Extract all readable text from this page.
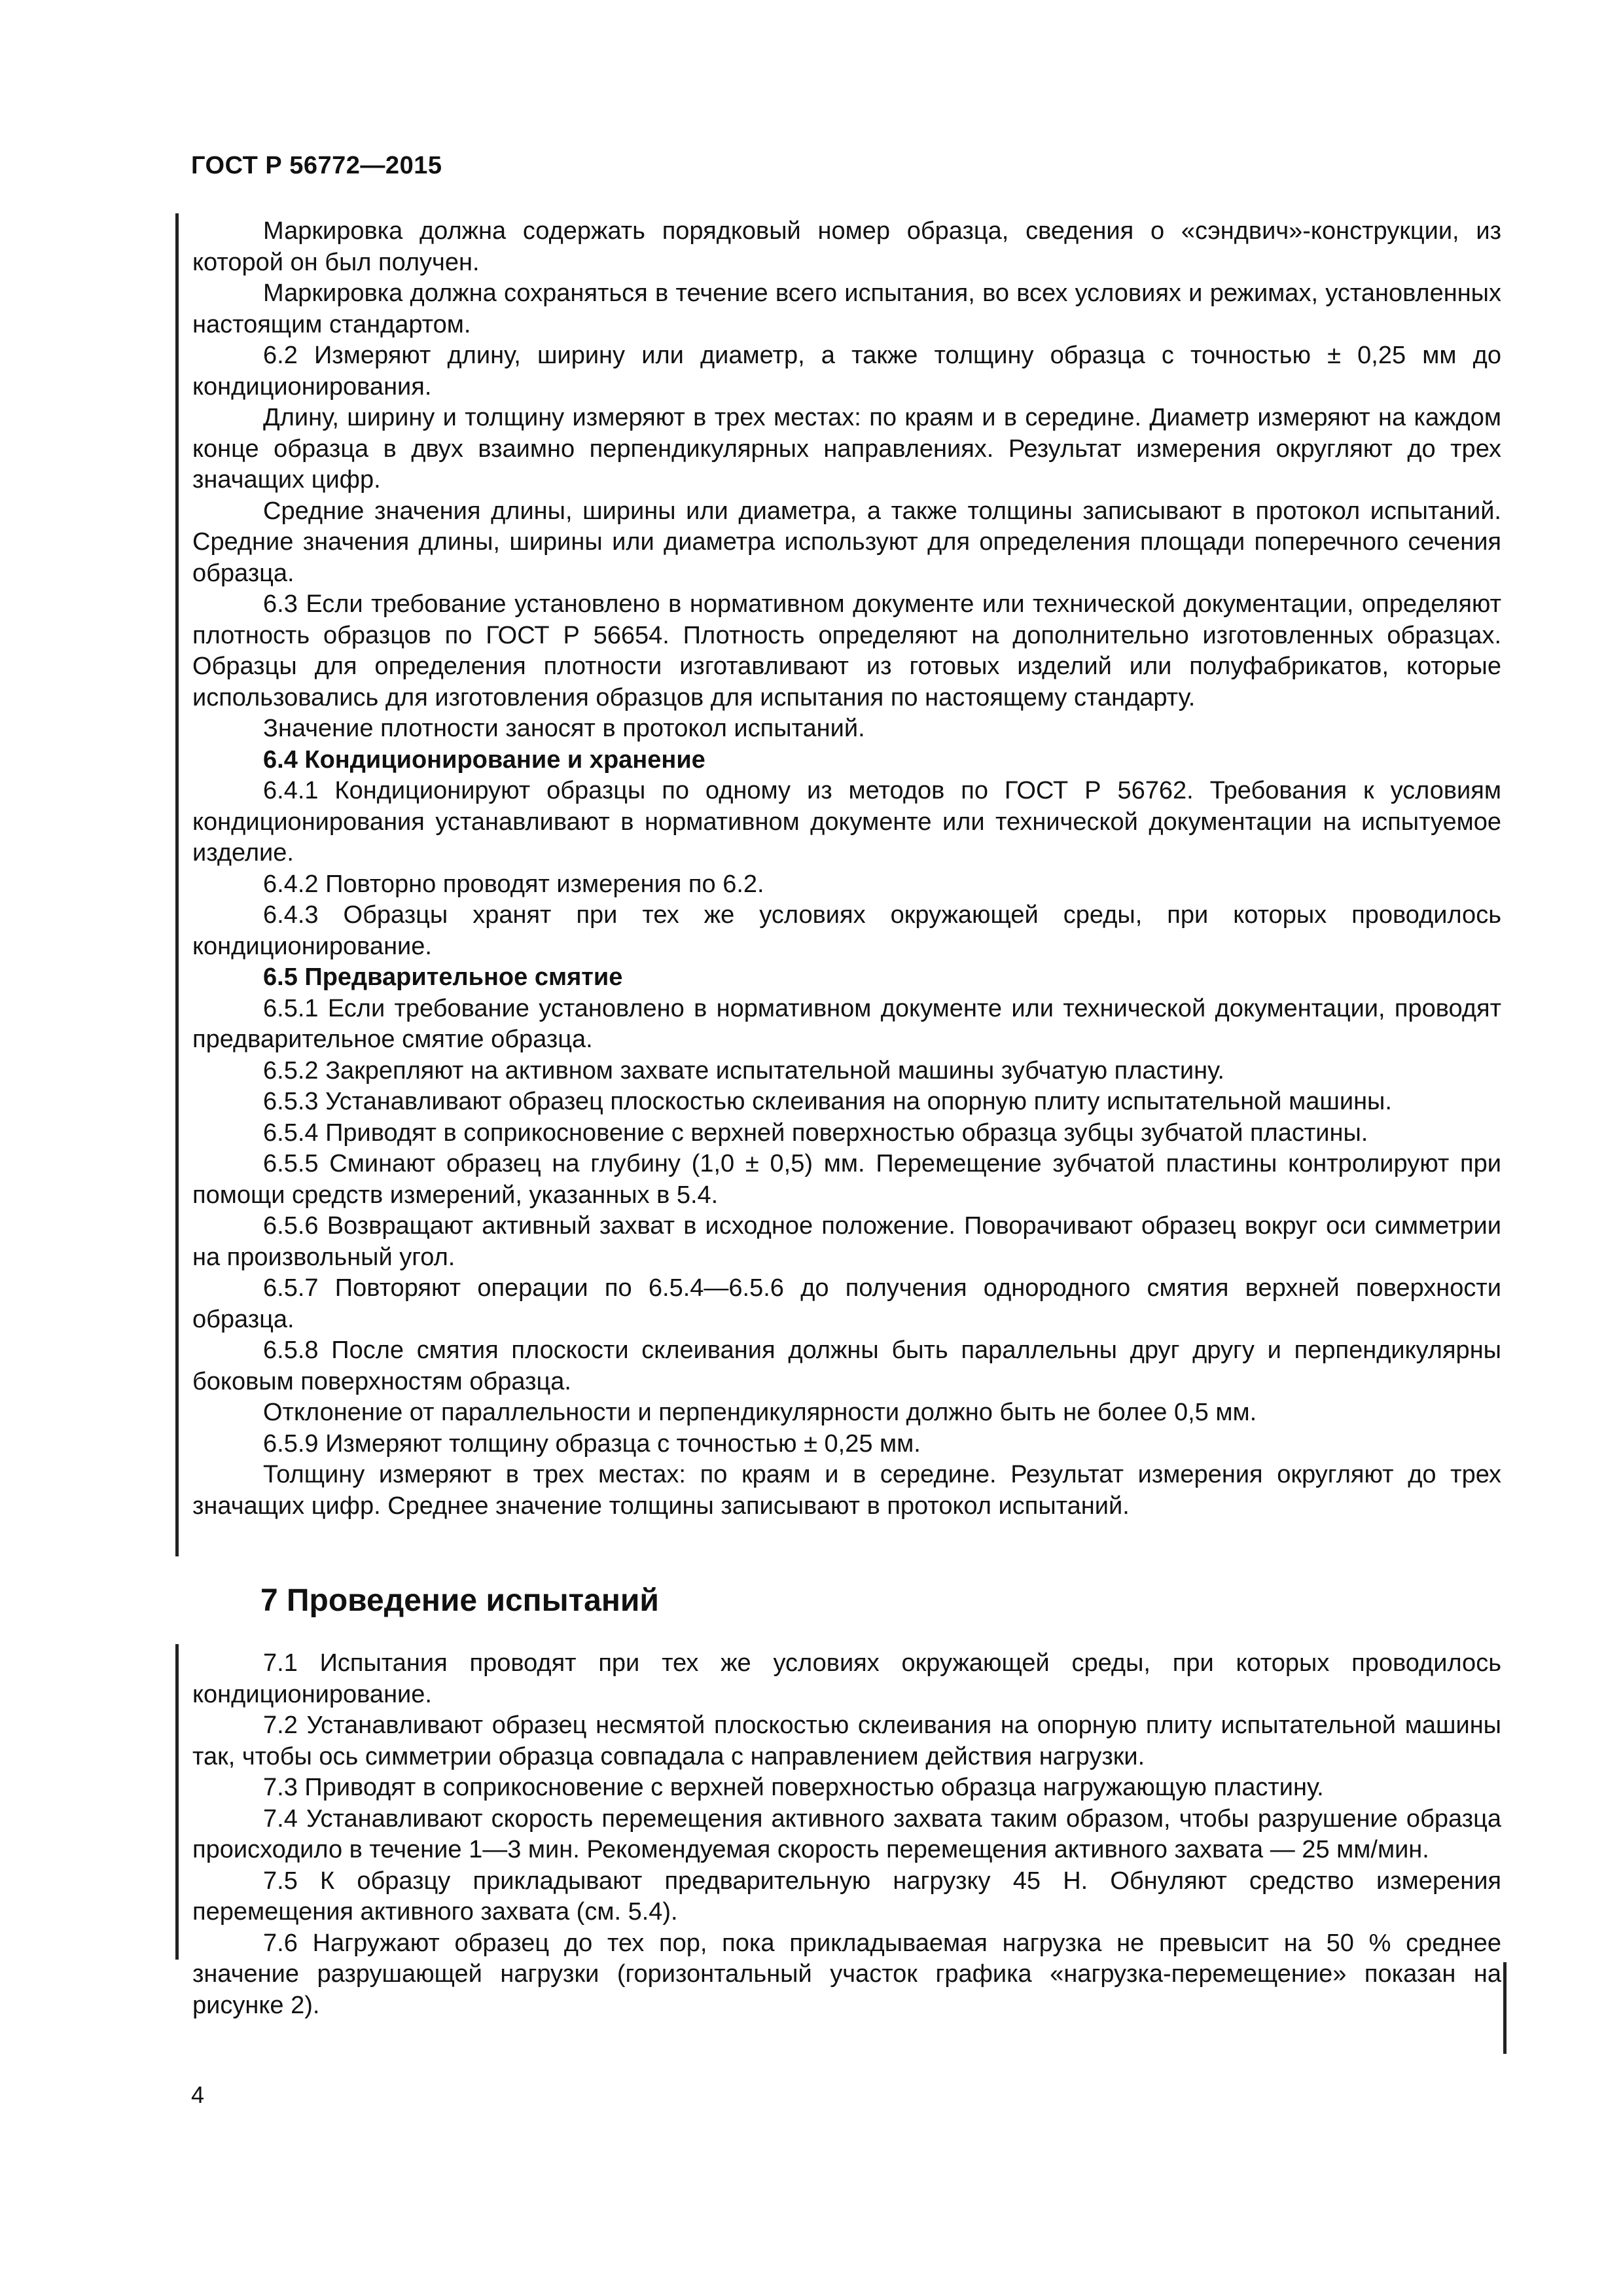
ГОСТ Р 56772—2015

Маркировка должна содержать порядковый номер образца, сведения о «сэндвич»-конструкции, из которой он был получен.

Маркировка должна сохраняться в течение всего испытания, во всех условиях и режимах, установленных настоящим стандартом.

6.2 Измеряют длину, ширину или диаметр, а также толщину образца с точностью ± 0,25 мм до кондиционирования.

Длину, ширину и толщину измеряют в трех местах: по краям и в середине. Диаметр измеряют на каждом конце образца в двух взаимно перпендикулярных направлениях. Результат измерения округляют до трех значащих цифр.

Средние значения длины, ширины или диаметра, а также толщины записывают в протокол испытаний. Средние значения длины, ширины или диаметра используют для определения площади поперечного сечения образца.

6.3 Если требование установлено в нормативном документе или технической документации, определяют плотность образцов по ГОСТ Р 56654. Плотность определяют на дополнительно изготовленных образцах. Образцы для определения плотности изготавливают из готовых изделий или полуфабрикатов, которые использовались для изготовления образцов для испытания по настоящему стандарту.

Значение плотности заносят в протокол испытаний.

6.4 Кондиционирование и хранение

6.4.1 Кондиционируют образцы по одному из методов по ГОСТ Р 56762. Требования к условиям кондиционирования устанавливают в нормативном документе или технической документации на испытуемое изделие.

6.4.2 Повторно проводят измерения по 6.2.

6.4.3 Образцы хранят при тех же условиях окружающей среды, при которых проводилось кондиционирование.

6.5 Предварительное смятие

6.5.1 Если требование установлено в нормативном документе или технической документации, проводят предварительное смятие образца.

6.5.2 Закрепляют на активном захвате испытательной машины зубчатую пластину.

6.5.3 Устанавливают образец плоскостью склеивания на опорную плиту испытательной машины.

6.5.4 Приводят в соприкосновение с верхней поверхностью образца зубцы зубчатой пластины.

6.5.5 Сминают образец на глубину (1,0 ± 0,5) мм. Перемещение зубчатой пластины контролируют при помощи средств измерений, указанных в 5.4.

6.5.6 Возвращают активный захват в исходное положение. Поворачивают образец вокруг оси симметрии на произвольный угол.

6.5.7 Повторяют операции по 6.5.4—6.5.6 до получения однородного смятия верхней поверхности образца.

6.5.8 После смятия плоскости склеивания должны быть параллельны друг другу и перпендикулярны боковым поверхностям образца.

Отклонение от параллельности и перпендикулярности должно быть не более 0,5 мм.

6.5.9 Измеряют толщину образца с точностью ± 0,25 мм.

Толщину измеряют в трех местах: по краям и в середине. Результат измерения округляют до трех значащих цифр. Среднее значение толщины записывают в протокол испытаний.

7 Проведение испытаний

7.1 Испытания проводят при тех же условиях окружающей среды, при которых проводилось кондиционирование.

7.2 Устанавливают образец несмятой плоскостью склеивания на опорную плиту испытательной машины так, чтобы ось симметрии образца совпадала с направлением действия нагрузки.

7.3 Приводят в соприкосновение с верхней поверхностью образца нагружающую пластину.

7.4 Устанавливают скорость перемещения активного захвата таким образом, чтобы разрушение образца происходило в течение 1—3 мин. Рекомендуемая скорость перемещения активного захвата — 25 мм/мин.

7.5 К образцу прикладывают предварительную нагрузку 45 Н. Обнуляют средство измерения перемещения активного захвата (см. 5.4).

7.6 Нагружают образец до тех пор, пока прикладываемая нагрузка не превысит на 50 % среднее значение разрушающей нагрузки (горизонтальный участок графика «нагрузка-перемещение» показан на рисунке 2).

4
